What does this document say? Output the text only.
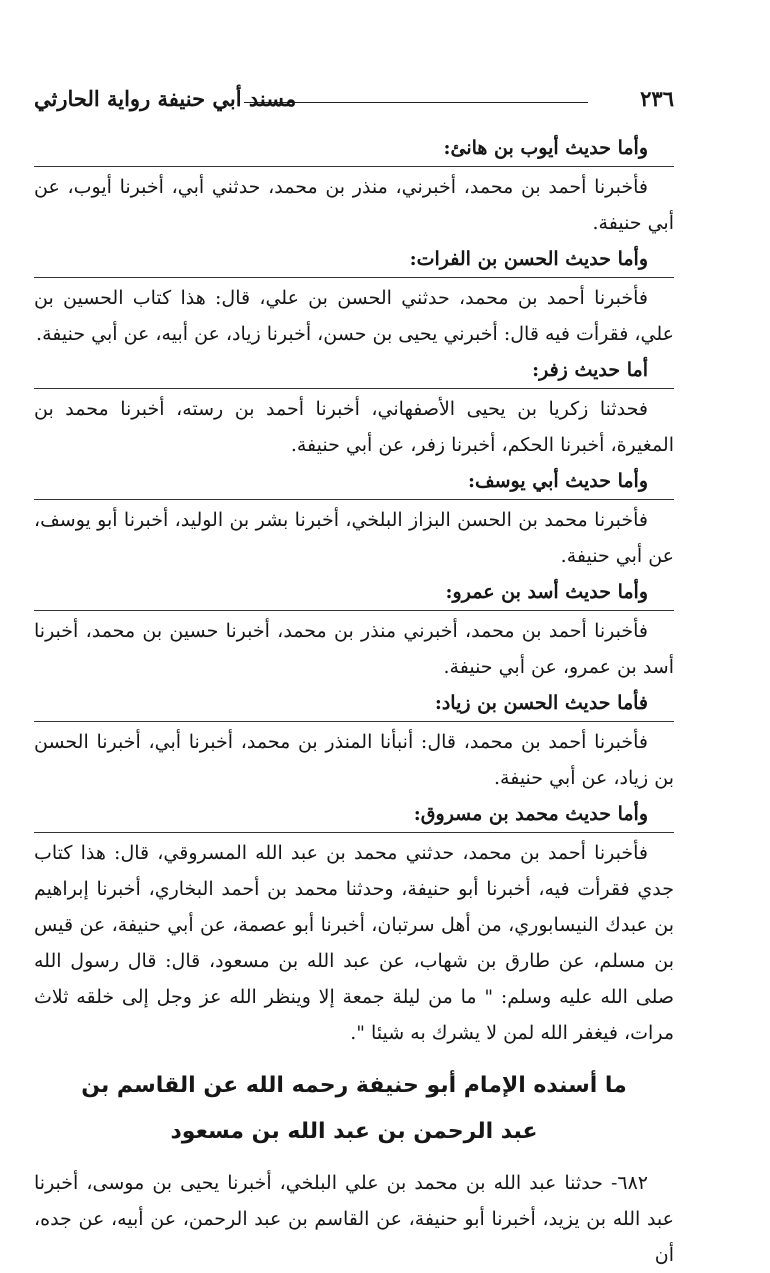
٢٣٦
مسند أبي حنيفة رواية الحارثي
وأما حديث أيوب بن هانئ:

فأخبرنا أحمد بن محمد، أخبرني، منذر بن محمد، حدثني أبي، أخبرنا أيوب، عن أبي حنيفة.

وأما حديث الحسن بن الفرات:

فأخبرنا أحمد بن محمد، حدثني الحسن بن علي، قال: هذا كتاب الحسين بن علي، فقرأت فيه قال: أخبرني يحيى بن حسن، أخبرنا زياد، عن أبيه، عن أبي حنيفة.

أما حديث زفر:

فحدثنا زكريا بن يحيى الأصفهاني، أخبرنا أحمد بن رسته، أخبرنا محمد بن المغيرة، أخبرنا الحكم، أخبرنا زفر، عن أبي حنيفة.

وأما حديث أبي يوسف:

فأخبرنا محمد بن الحسن البزاز البلخي، أخبرنا بشر بن الوليد، أخبرنا أبو يوسف، عن أبي حنيفة.

وأما حديث أسد بن عمرو:

فأخبرنا أحمد بن محمد، أخبرني منذر بن محمد، أخبرنا حسين بن محمد، أخبرنا أسد بن عمرو، عن أبي حنيفة.

فأما حديث الحسن بن زياد:

فأخبرنا أحمد بن محمد، قال: أنبأنا المنذر بن محمد، أخبرنا أبي، أخبرنا الحسن بن زياد، عن أبي حنيفة.

وأما حديث محمد بن مسروق:

فأخبرنا أحمد بن محمد، حدثني محمد بن عبد الله المسروقي، قال: هذا كتاب جدي فقرأت فيه، أخبرنا أبو حنيفة، وحدثنا محمد بن أحمد البخاري، أخبرنا إبراهيم بن عبدك النيسابوري، من أهل سرتبان، أخبرنا أبو عصمة، عن أبي حنيفة، عن قيس بن مسلم، عن طارق بن شهاب، عن عبد الله بن مسعود، قال: قال رسول الله صلى الله عليه وسلم: " ما من ليلة جمعة إلا وينظر الله عز وجل إلى خلقه ثلاث مرات، فيغفر الله لمن لا يشرك به شيئا ".

ما أسنده الإمام أبو حنيفة رحمه الله عن القاسم بن
عبد الرحمن بن عبد الله بن مسعود

٦٨٢- حدثنا عبد الله بن محمد بن علي البلخي، أخبرنا يحيى بن موسى، أخبرنا عبد الله بن يزيد، أخبرنا أبو حنيفة، عن القاسم بن عبد الرحمن، عن أبيه، عن جده، أن
